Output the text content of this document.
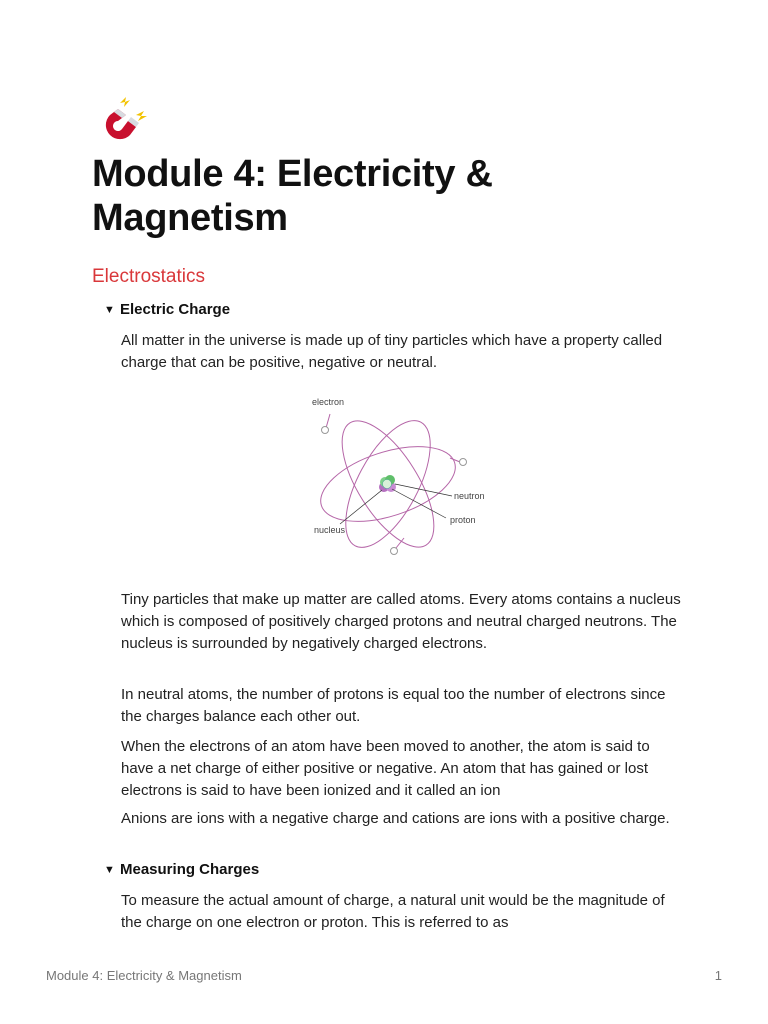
Module 4: Electricity & Magnetism
Electrostatics
▼ Electric Charge

All matter in the universe is made up of tiny particles which have a property called charge that can be positive, negative or neutral.

electron
neutron
proton
nucleus

Tiny particles that make up matter are called atoms. Every atoms contains a nucleus which is composed of positively charged protons and neutral charged neutrons. The nucleus is surrounded by negatively charged electrons.

In neutral atoms, the number of protons is equal too the number of electrons since the charges balance each other out.

When the electrons of an atom have been moved to another, the atom is said to have a net charge of either positive or negative. An atom that has gained or lost electrons is said to have been ionized and it called an ion

Anions are ions with a negative charge and cations are ions with a positive charge.

▼ Measuring Charges

To measure the actual amount of charge, a natural unit would be the magnitude of the charge on one electron or proton. This is referred to as

Module 4: Electricity & Magnetism	1
